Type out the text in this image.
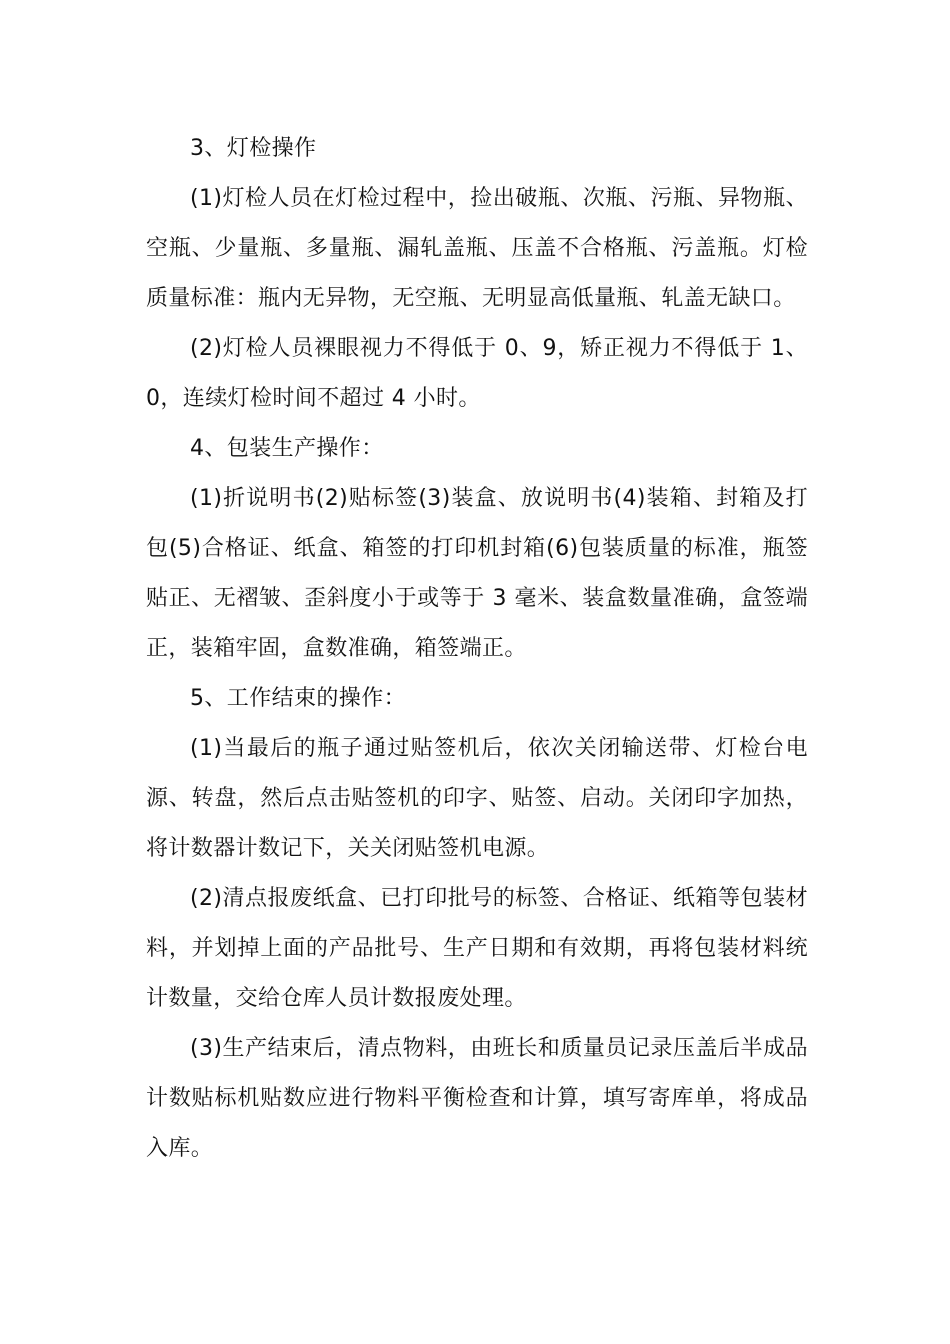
3、灯检操作

(1)灯检人员在灯检过程中，捡出破瓶、次瓶、污瓶、异物瓶、空瓶、少量瓶、多量瓶、漏轧盖瓶、压盖不合格瓶、污盖瓶。灯检质量标准：瓶内无异物，无空瓶、无明显高低量瓶、轧盖无缺口。

(2)灯检人员裸眼视力不得低于 0、9，矫正视力不得低于 1、0，连续灯检时间不超过 4 小时。

4、包装生产操作：

(1)折说明书(2)贴标签(3)装盒、放说明书(4)装箱、封箱及打包(5)合格证、纸盒、箱签的打印机封箱(6)包装质量的标准，瓶签贴正、无褶皱、歪斜度小于或等于 3 毫米、装盒数量准确，盒签端正，装箱牢固，盒数准确，箱签端正。

5、工作结束的操作：

(1)当最后的瓶子通过贴签机后，依次关闭输送带、灯检台电源、转盘，然后点击贴签机的印字、贴签、启动。关闭印字加热，将计数器计数记下，关关闭贴签机电源。

(2)清点报废纸盒、已打印批号的标签、合格证、纸箱等包装材料，并划掉上面的产品批号、生产日期和有效期，再将包装材料统计数量，交给仓库人员计数报废处理。

(3)生产结束后，清点物料，由班长和质量员记录压盖后半成品计数贴标机贴数应进行物料平衡检查和计算，填写寄库单，将成品入库。
